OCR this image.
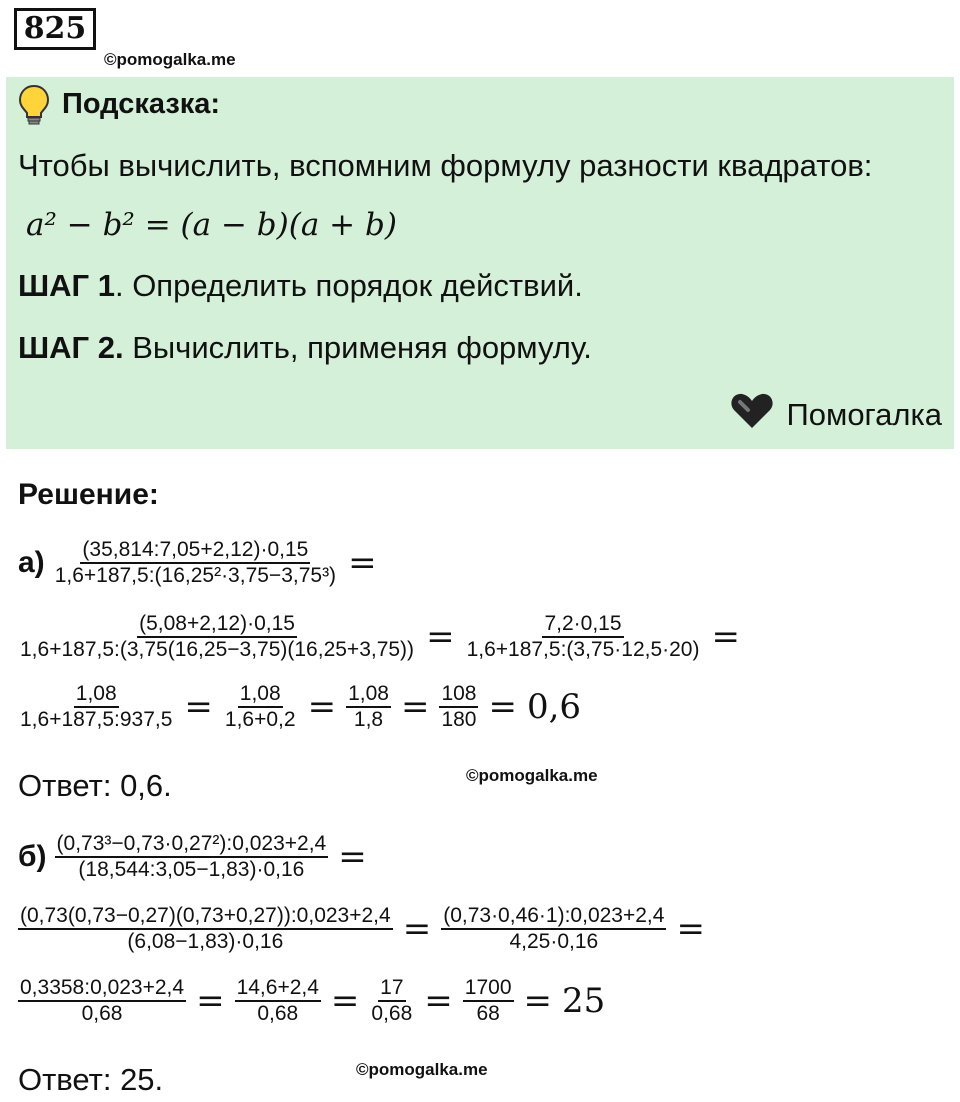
825
©pomogalka.me
Подсказка:
Чтобы вычислить, вспомним формулу разности квадратов:
a² − b² = (a − b)(a + b)
ШАГ 1. Определить порядок действий.
ШАГ 2. Вычислить, применяя формулу.
Помогалка
Решение:
$а) \frac{(35,814:7,05+2,12)\cdot 0,15}{\text{1,6+187,5:(16,25²·3,75−3,75³)}}$ =
$\frac{(5,08+2,12)\cdot 0,15}{1,6+187,5:(3,75(16,25-3,75)(16,25+3,75))} = \frac{7,2\cdot 0,15}{1,6+187,5:(3,75\cdot 12,5\cdot 20)}$ =
$\frac{1,08}{1,6+187,5:937,5} = \frac{1,08}{1,6+0,2} = \frac{1,08}{1,8} = \frac{108}{180} = 0,6$
Ответ: 0,6.	©pomogalka.me
$б) \frac{\text{(0,73³−0,73·0,27²):0,023+2,4}}{(18,544:3,05-1,83)\cdot 0,16}$ =
$\frac{(0,73(0,73-0,27)(0,73+0,27)):0,023+2,4}{(6,08-1,83)\cdot 0,16} = \frac{(0,73\cdot 0,46\cdot 1):0,023+2,4}{4,25\cdot 0,16}$ =
$\frac{0,3358:0,023+2,4}{0,68} = \frac{14,6+2,4}{0,68} = \frac{17}{0,68} = \frac{1700}{68} = 25$
Ответ: 25.	©pomogalka.me
